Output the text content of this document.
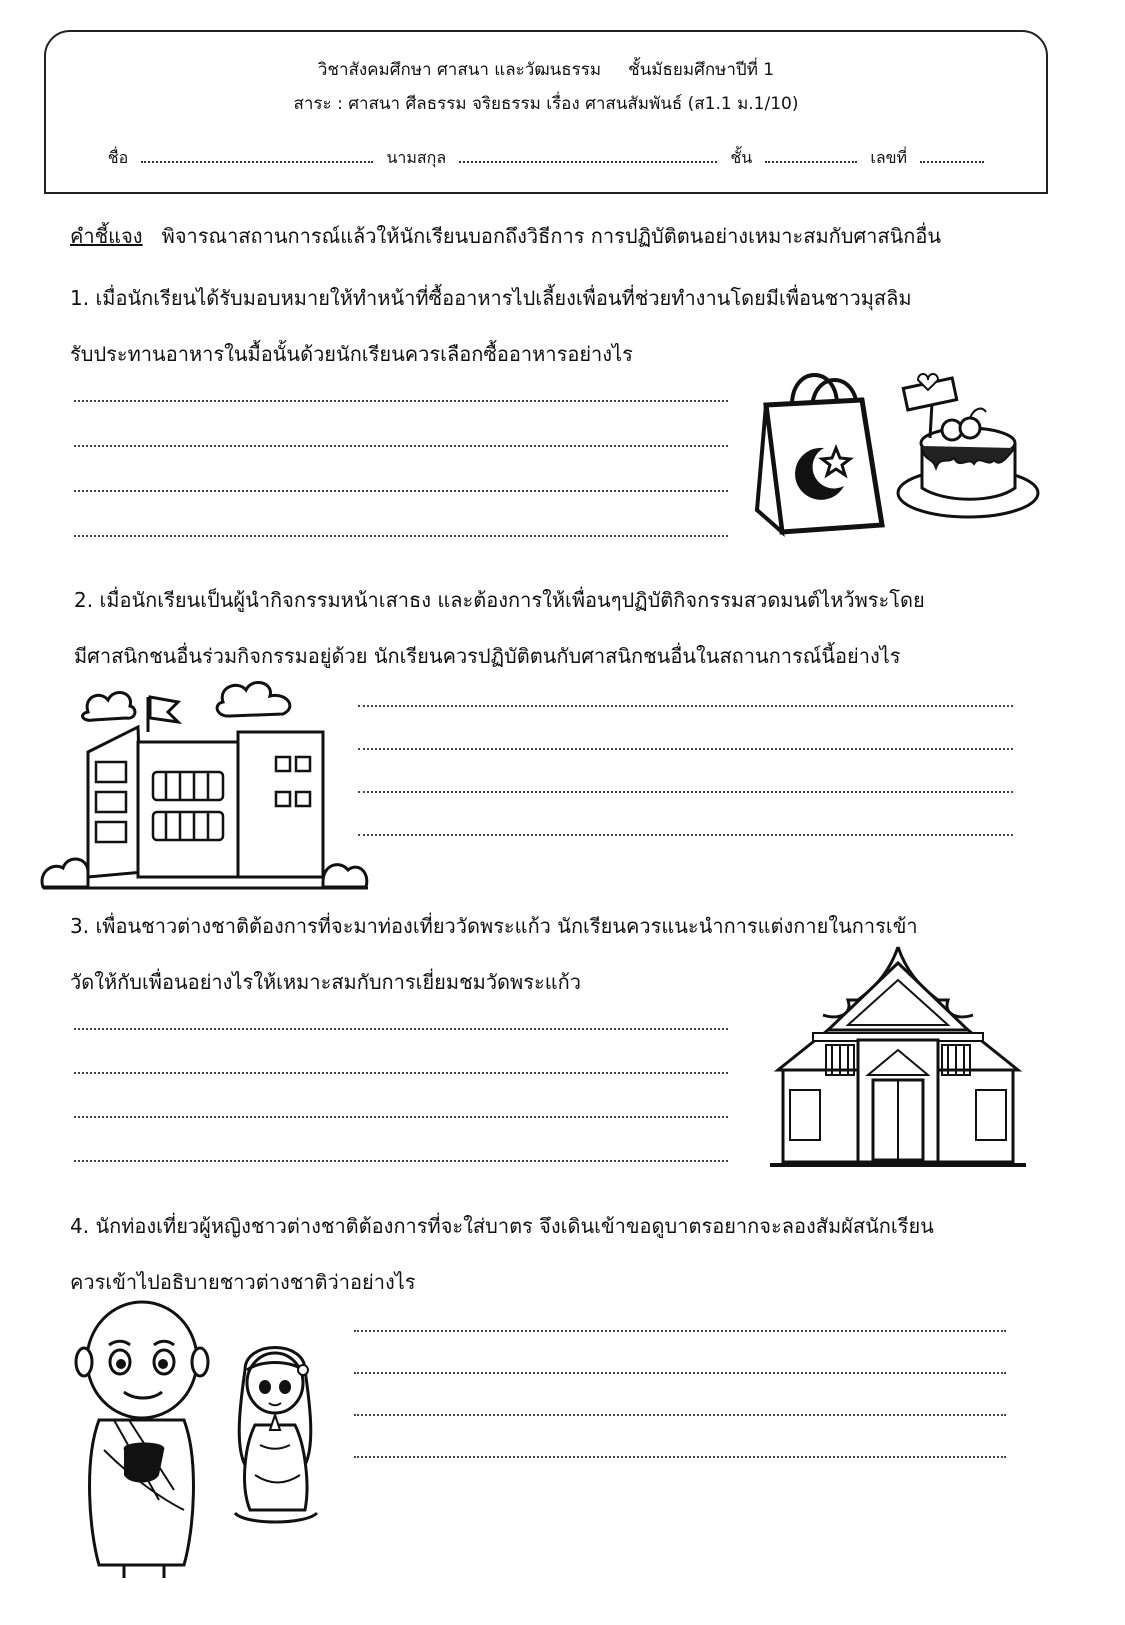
วิชาสังคมศึกษา ศาสนา และวัฒนธรรม     ชั้นมัธยมศึกษาปีที่ 1
สาระ : ศาสนา ศีลธรรม จริยธรรม เรื่อง ศาสนสัมพันธ์ (ส1.1 ม.1/10)
ชื่อ	นามสกุล	ชั้น	เลขที่
คำชี้แจง พิจารณาสถานการณ์แล้วให้นักเรียนบอกถึงวิธีการ การปฏิบัติตนอย่างเหมาะสมกับศาสนิกอื่น
1. เมื่อนักเรียนได้รับมอบหมายให้ทำหน้าที่ซื้ออาหารไปเลี้ยงเพื่อนที่ช่วยทำงานโดยมีเพื่อนชาวมุสลิม
รับประทานอาหารในมื้อนั้นด้วยนักเรียนควรเลือกซื้ออาหารอย่างไร
2. เมื่อนักเรียนเป็นผู้นำกิจกรรมหน้าเสาธง และต้องการให้เพื่อนๆปฏิบัติกิจกรรมสวดมนต์ไหว้พระโดย
มีศาสนิกชนอื่นร่วมกิจกรรมอยู่ด้วย นักเรียนควรปฏิบัติตนกับศาสนิกชนอื่นในสถานการณ์นี้อย่างไร
3. เพื่อนชาวต่างชาติต้องการที่จะมาท่องเที่ยววัดพระแก้ว นักเรียนควรแนะนำการแต่งกายในการเข้า
วัดให้กับเพื่อนอย่างไรให้เหมาะสมกับการเยี่ยมชมวัดพระแก้ว
4. นักท่องเที่ยวผู้หญิงชาวต่างชาติต้องการที่จะใส่บาตร จึงเดินเข้าขอดูบาตรอยากจะลองสัมผัสนักเรียน
ควรเข้าไปอธิบายชาวต่างชาติว่าอย่างไร
